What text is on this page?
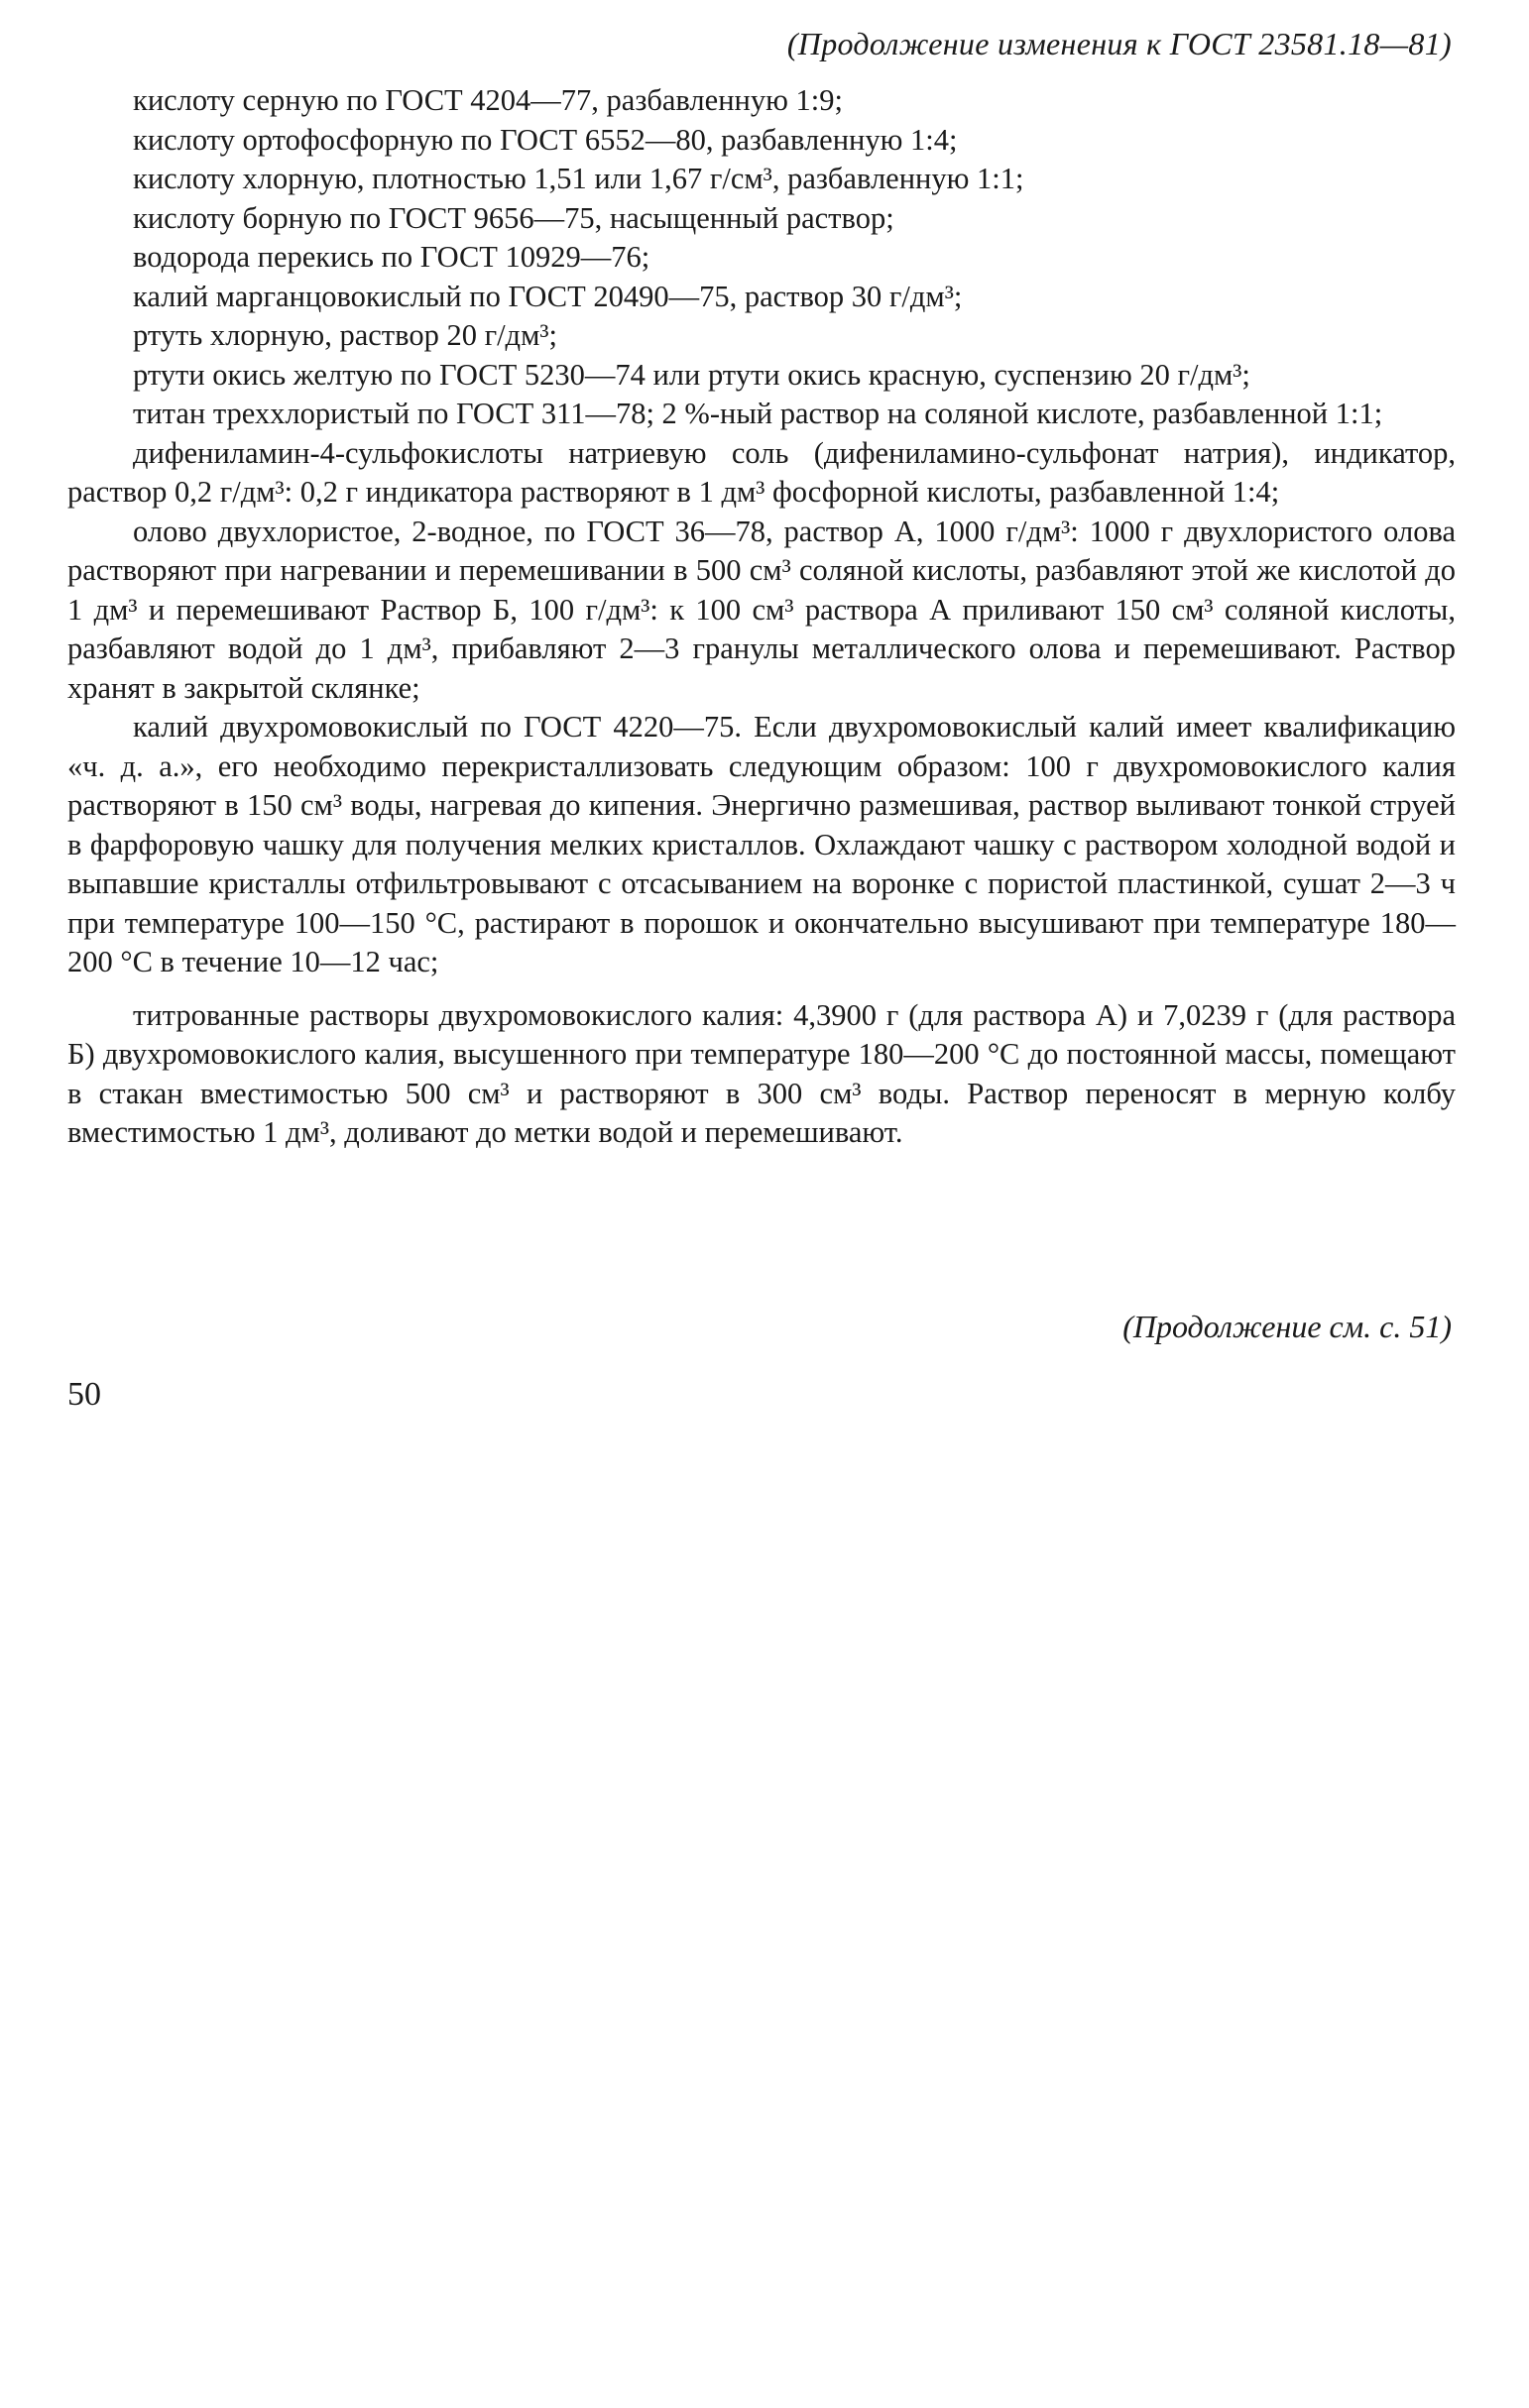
(Продолжение изменения к ГОСТ 23581.18—81)

кислоту серную по ГОСТ 4204—77, разбавленную 1:9;

кислоту ортофосфорную по ГОСТ 6552—80, разбавленную 1:4;

кислоту хлорную, плотностью 1,51 или 1,67 г/см³, разбавленную 1:1;

кислоту борную по ГОСТ 9656—75, насыщенный раствор;

водорода перекись по ГОСТ 10929—76;

калий марганцовокислый по ГОСТ 20490—75, раствор 30 г/дм³;

ртуть хлорную, раствор 20 г/дм³;

ртути окись желтую по ГОСТ 5230—74 или ртути окись красную, суспензию 20 г/дм³;

титан треххлористый по ГОСТ 311—78; 2 %-ный раствор на соляной кислоте, разбавленной 1:1;

дифениламин-4-сульфокислоты натриевую соль (дифениламино-сульфонат натрия), индикатор, раствор 0,2 г/дм³: 0,2 г индикатора растворяют в 1 дм³ фосфорной кислоты, разбавленной 1:4;

олово двухлористое, 2-водное, по ГОСТ 36—78, раствор А, 1000 г/дм³: 1000 г двухлористого олова растворяют при нагревании и перемешивании в 500 см³ соляной кислоты, разбавляют этой же кислотой до 1 дм³ и перемешивают Раствор Б, 100 г/дм³: к 100 см³ раствора А приливают 150 см³ соляной кислоты, разбавляют водой до 1 дм³, прибавляют 2—3 гранулы металлического олова и перемешивают. Раствор хранят в закрытой склянке;

калий двухромовокислый по ГОСТ 4220—75. Если двухромовокислый калий имеет квалификацию «ч. д. а.», его необходимо перекристаллизовать следующим образом: 100 г двухромовокислого калия растворяют в 150 см³ воды, нагревая до кипения. Энергично размешивая, раствор выливают тонкой струей в фарфоровую чашку для получения мелких кристаллов. Охлаждают чашку с раствором холодной водой и выпавшие кристаллы отфильтровывают с отсасыванием на воронке с пористой пластинкой, сушат 2—3 ч при температуре 100—150 °С, растирают в порошок и окончательно высушивают при температуре 180—200 °С в течение 10—12 час;

титрованные растворы двухромовокислого калия: 4,3900 г (для раствора А) и 7,0239 г (для раствора Б) двухромовокислого калия, высушенного при температуре 180—200 °С до постоянной массы, помещают в стакан вместимостью 500 см³ и растворяют в 300 см³ воды. Раствор переносят в мерную колбу вместимостью 1 дм³, доливают до метки водой и перемешивают.

(Продолжение см. с. 51)
50
